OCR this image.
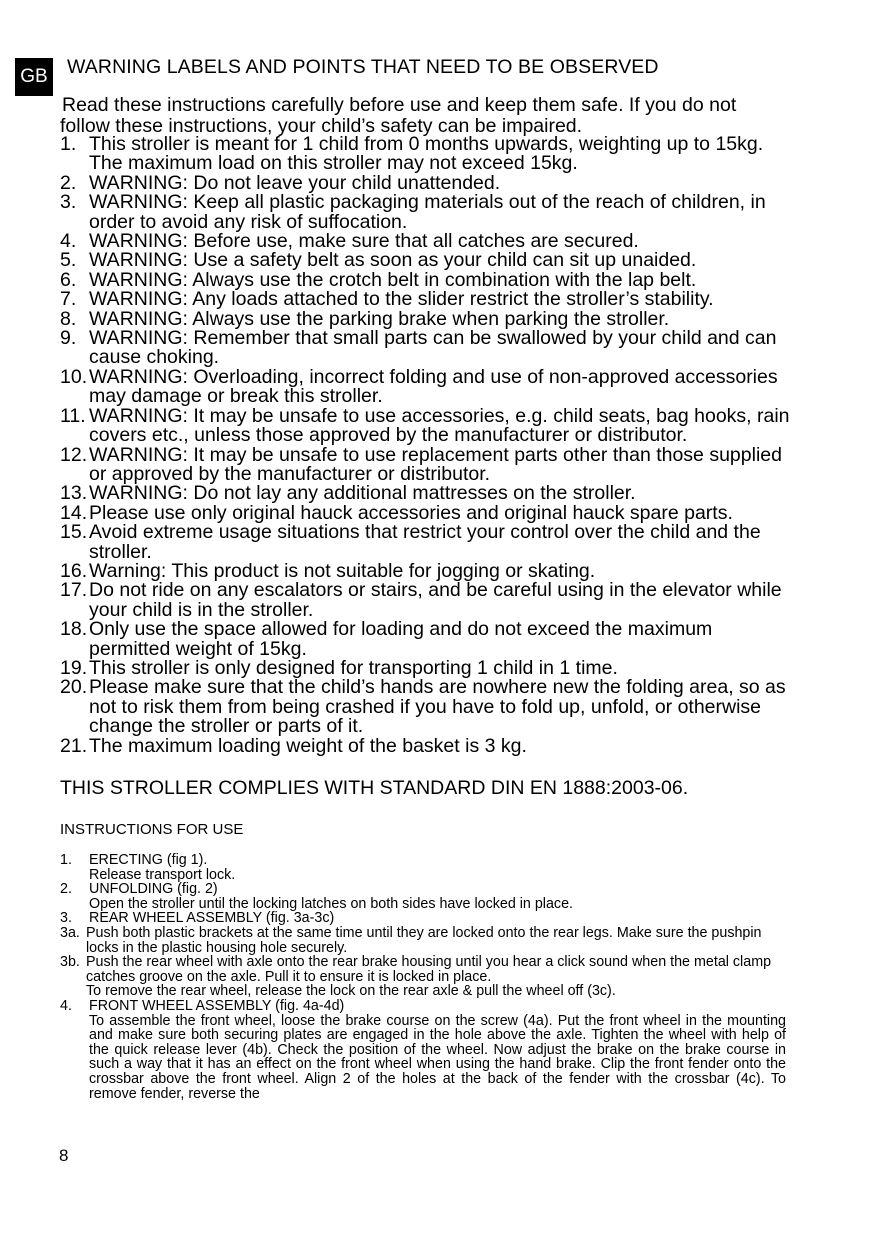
GB WARNING LABELS AND POINTS THAT NEED TO BE OBSERVED
Read these instructions carefully before use and keep them safe. If you do not
follow these instructions, your child’s safety can be impaired.
1. This stroller is meant for 1 child from 0 months upwards, weighting up to 15kg. The maximum load on this stroller may not exceed 15kg.
2. WARNING: Do not leave your child unattended.
3. WARNING: Keep all plastic packaging materials out of the reach of children, in order to avoid any risk of suffocation.
4. WARNING: Before use, make sure that all catches are secured.
5. WARNING: Use a safety belt as soon as your child can sit up unaided.
6. WARNING: Always use the crotch belt in combination with the lap belt.
7. WARNING: Any loads attached to the slider restrict the stroller’s stability.
8. WARNING: Always use the parking brake when parking the stroller.
9. WARNING: Remember that small parts can be swallowed by your child and can cause choking.
10. WARNING: Overloading, incorrect folding and use of non-approved accessories may damage or break this stroller.
11. WARNING: It may be unsafe to use accessories, e.g. child seats, bag hooks, rain covers etc., unless those approved by the manufacturer or distributor.
12. WARNING: It may be unsafe to use replacement parts other than those supplied or approved by the manufacturer or distributor.
13. WARNING: Do not lay any additional mattresses on the stroller.
14. Please use only original hauck accessories and original hauck spare parts.
15. Avoid extreme usage situations that restrict your control over the child and the stroller.
16. Warning: This product is not suitable for jogging or skating.
17. Do not ride on any escalators or stairs, and be careful using in the elevator while your child is in the stroller.
18. Only use the space allowed for loading and do not exceed the maximum permitted weight of 15kg.
19. This stroller is only designed for transporting 1 child in 1 time.
20. Please make sure that the child’s hands are nowhere new the folding area, so as not to risk them from being crashed if you have to fold up, unfold, or otherwise change the stroller or parts of it.
21. The maximum loading weight of the basket is 3 kg.
THIS STROLLER COMPLIES WITH STANDARD DIN EN 1888:2003-06.
INSTRUCTIONS FOR USE
1. ERECTING (fig 1).
Release transport lock.
2. UNFOLDING (fig. 2)
Open the stroller until the locking latches on both sides have locked in place.
3. REAR WHEEL ASSEMBLY (fig. 3a-3c)
3a. Push both plastic brackets at the same time until they are locked onto the rear legs. Make sure the pushpin locks in the plastic housing hole securely.
3b. Push the rear wheel with axle onto the rear brake housing until you hear a click sound when the metal clamp catches groove on the axle. Pull it to ensure it is locked in place.
To remove the rear wheel, release the lock on the rear axle & pull the wheel off (3c).
4. FRONT WHEEL ASSEMBLY (fig. 4a-4d)
To assemble the front wheel, loose the brake course on the screw (4a). Put the front wheel in the mounting and make sure both securing plates are engaged in the hole above the axle. Tighten the wheel with help of the quick release lever (4b). Check the position of the wheel. Now adjust the brake on the brake course in such a way that it has an effect on the front wheel when using the hand brake. Clip the front fender onto the crossbar above the front wheel. Align 2 of the holes at the back of the fender with the crossbar (4c). To remove fender, reverse the
8
